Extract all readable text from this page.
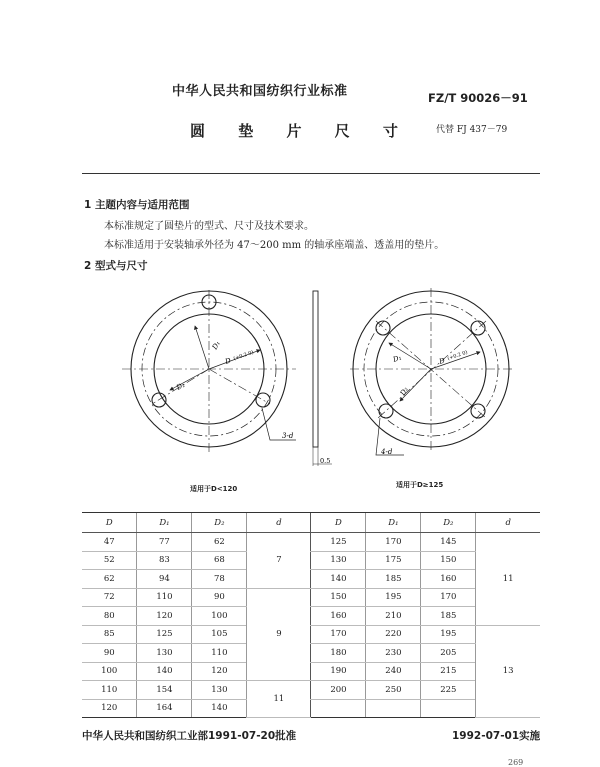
中华人民共和国纺织行业标准	FZ/T 90026－91
圆 垫 片 尺 寸	代替 FJ 437－79
1 主题内容与适用范围
本标准规定了圆垫片的型式、尺寸及技术要求。
本标准适用于安装轴承外径为 47～200 mm 的轴承座端盖、透盖用的垫片。
2 型式与尺寸
D₁
D (+0.2 0)
D₂
3-d
0.5
D₁	D (+0.2 0)
D₂
4-d
适用于D<120	适用于D≥125
D	D₁	D₂	d	D	D₁	D₂	d
47	77	62	7	125	170	145	11
52	83	68		130	175	150	
62	94	78		140	185	160	
72	110	90	9	150	195	170	
80	120	100		160	210	185	
85	125	105		170	220	195	13
90	130	110		180	230	205	
100	140	120		190	240	215	
110	154	130	11	200	250	225	
120	164	140					
中华人民共和国纺织工业部1991-07-20批准	1992-07-01实施
269
